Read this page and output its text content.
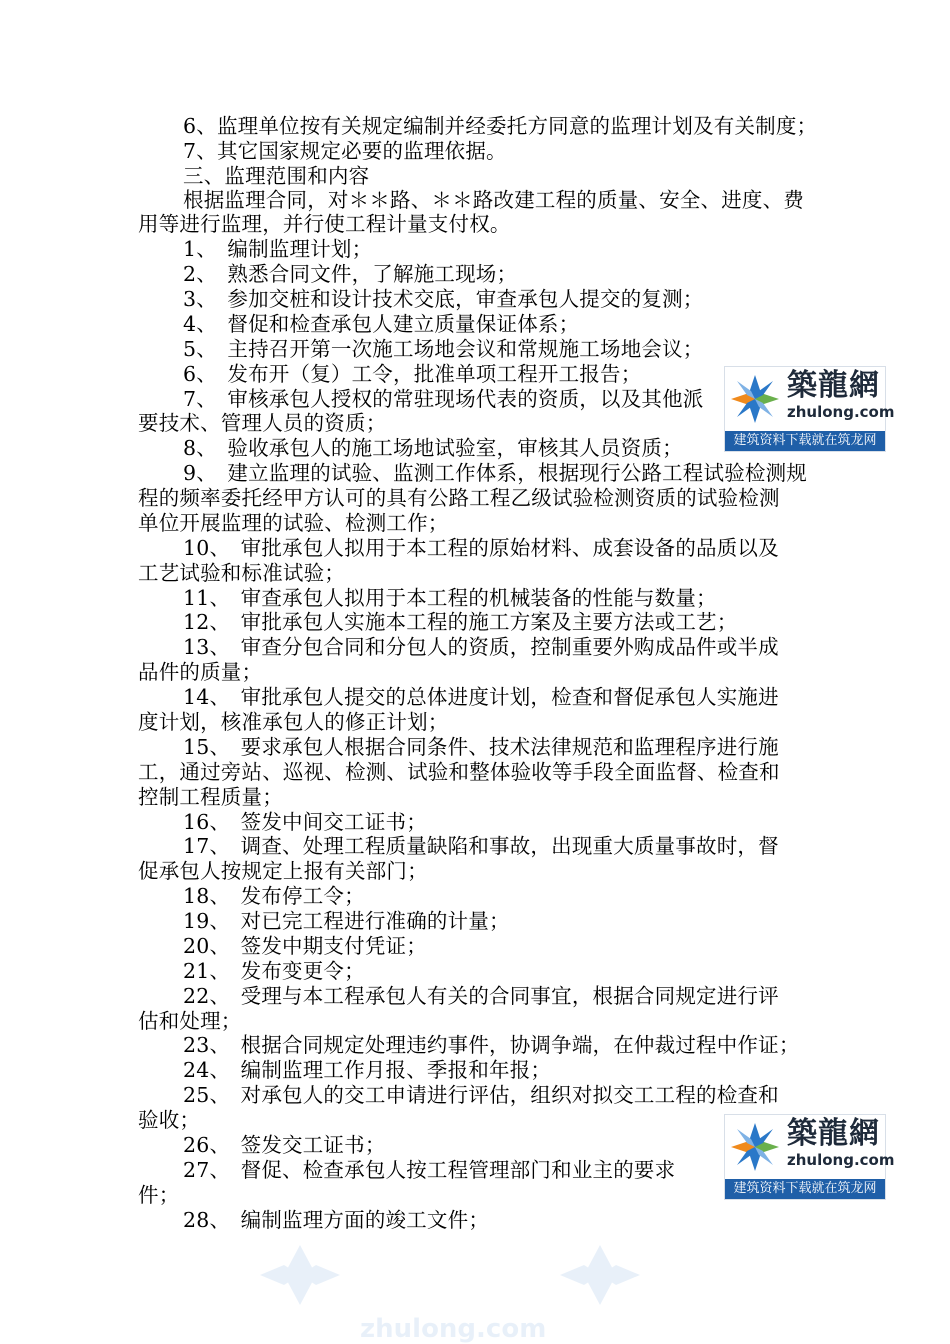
zhulong.com
6、监理单位按有关规定编制并经委托方同意的监理计划及有关制度；
7、其它国家规定必要的监理依据。
三、监理范围和内容
根据监理合同，对＊＊路、＊＊路改建工程的质量、安全、进度、费
用等进行监理，并行使工程计量支付权。
1、　编制监理计划；
2、　熟悉合同文件，了解施工现场；
3、　参加交桩和设计技术交底，审查承包人提交的复测；
4、　督促和检查承包人建立质量保证体系；
5、　主持召开第一次施工场地会议和常规施工场地会议；
6、　发布开（复）工令，批准单项工程开工报告；
7、　审核承包人授权的常驻现场代表的资质，以及其他派
要技术、管理人员的资质；
8、　验收承包人的施工场地试验室，审核其人员资质；
9、　建立监理的试验、监测工作体系，根据现行公路工程试验检测规
程的频率委托经甲方认可的具有公路工程乙级试验检测资质的试验检测
单位开展监理的试验、检测工作；
10、　审批承包人拟用于本工程的原始材料、成套设备的品质以及
工艺试验和标准试验；
11、　审查承包人拟用于本工程的机械装备的性能与数量；
12、　审批承包人实施本工程的施工方案及主要方法或工艺；
13、　审查分包合同和分包人的资质，控制重要外购成品件或半成
品件的质量；
14、　审批承包人提交的总体进度计划，检查和督促承包人实施进
度计划，核准承包人的修正计划；
15、　要求承包人根据合同条件、技术法律规范和监理程序进行施
工，通过旁站、巡视、检测、试验和整体验收等手段全面监督、检查和
控制工程质量；
16、　签发中间交工证书；
17、　调查、处理工程质量缺陷和事故，出现重大质量事故时，督
促承包人按规定上报有关部门；
18、　发布停工令；
19、　对已完工程进行准确的计量；
20、　签发中期支付凭证；
21、　发布变更令；
22、　受理与本工程承包人有关的合同事宜，根据合同规定进行评
估和处理；
23、　根据合同规定处理违约事件，协调争端，在仲裁过程中作证；
24、　编制监理工作月报、季报和年报；
25、　对承包人的交工申请进行评估，组织对拟交工工程的检查和
验收；
26、　签发交工证书；
27、　督促、检查承包人按工程管理部门和业主的要求
件；
28、　编制监理方面的竣工文件；
築龍網
zhulong.com
建筑资料下载就在筑龙网
築龍網
zhulong.com
建筑资料下载就在筑龙网
